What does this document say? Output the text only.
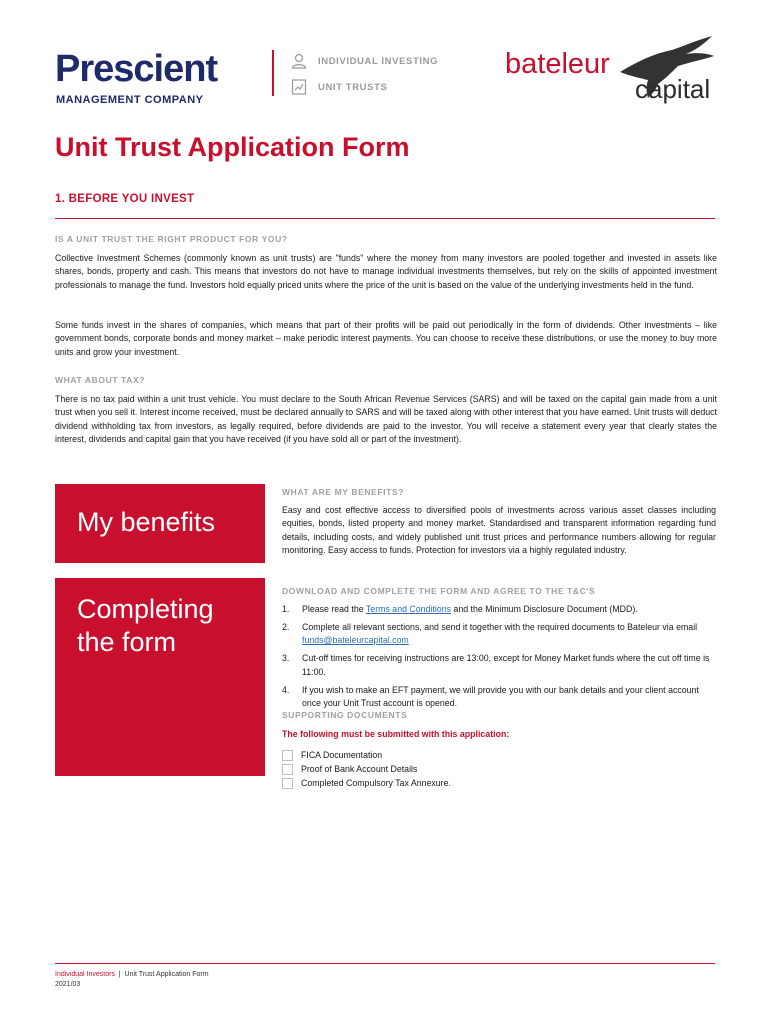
Prescient
MANAGEMENT COMPANY
INDIVIDUAL INVESTING
UNIT TRUSTS
bateleur
capital
Unit Trust Application Form
1. BEFORE YOU INVEST
IS A UNIT TRUST THE RIGHT PRODUCT FOR YOU?
Collective Investment Schemes (commonly known as unit trusts) are "funds" where the money from many investors are pooled together and invested in assets like shares, bonds, property and cash. This means that investors do not have to manage individual investments themselves, but rely on the skills of appointed investment professionals to manage the fund. Investors hold equally priced units where the price of the unit is based on the value of the underlying investments held in the fund.
Some funds invest in the shares of companies, which means that part of their profits will be paid out periodically in the form of dividends. Other investments – like government bonds, corporate bonds and money market – make periodic interest payments. You can choose to receive these distributions, or use the money to buy more units and grow your investment.
WHAT ABOUT TAX?
There is no tax paid within a unit trust vehicle. You must declare to the South African Revenue Services (SARS) and will be taxed on the capital gain made from a unit trust when you sell it. Interest income received, must be declared annually to SARS and will be taxed along with other interest that you have earned. Unit trusts will deduct dividend withholding tax from investors, as legally required, before dividends are paid to the investor. You will receive a statement every year that clearly states the interest, dividends and capital gain that you have received (if you have sold all or part of the investment).
My benefits
WHAT ARE MY BENEFITS?
Easy and cost effective access to diversified pools of investments across various asset classes including equities, bonds, listed property and money market. Standardised and transparent information regarding fund details, including costs, and widely published unit trust prices and performance numbers allowing for regular monitoring. Easy access to funds. Protection for investors via a highly regulated industry.
Completing
the form
DOWNLOAD AND COMPLETE THE FORM AND AGREE TO THE T&C'S
1. Please read the Terms and Conditions and the Minimum Disclosure Document (MDD).
2. Complete all relevant sections, and send it together with the required documents to Bateleur via email funds@bateleurcapital.com
3. Cut-off times for receiving instructions are 13:00, except for Money Market funds where the cut off time is 11:00.
4. If you wish to make an EFT payment, we will provide you with our bank details and your client account once your Unit Trust account is opened.
SUPPORTING DOCUMENTS
The following must be submitted with this application:
FICA Documentation
Proof of Bank Account Details
Completed Compulsory Tax Annexure.
Individual Investors  |  Unit Trust Application Form
2021/03
